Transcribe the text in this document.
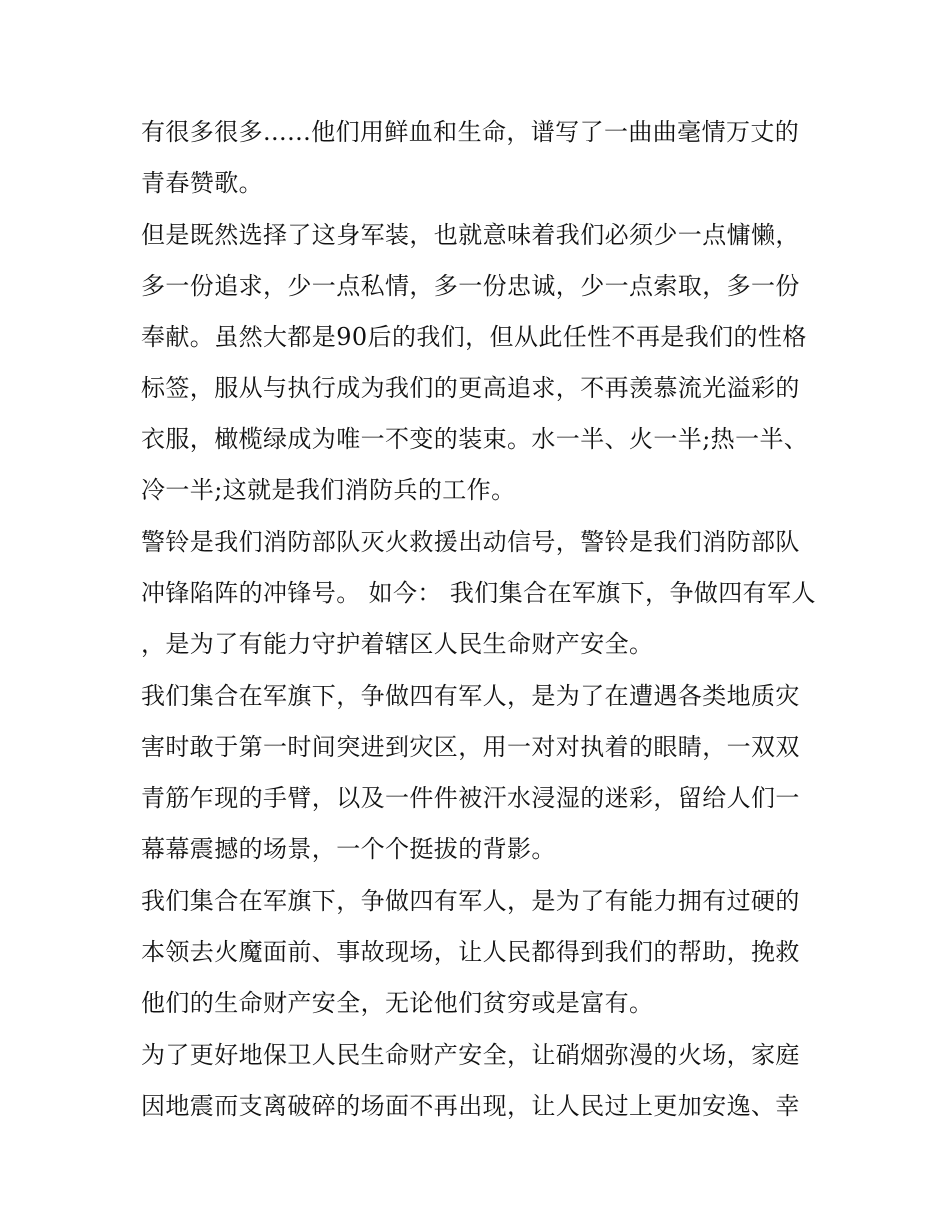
有很多很多......他们用鲜血和生命，谱写了一曲曲毫情万丈的青春赞歌。

但是既然选择了这身军装，也就意味着我们必须少一点慵懒，多一份追求，少一点私情，多一份忠诚，少一点索取，多一份奉献。虽然大都是90后的我们，但从此任性不再是我们的性格标签，服从与执行成为我们的更高追求，不再羡慕流光溢彩的衣服，橄榄绿成为唯一不变的装束。水一半、火一半;热一半、冷一半;这就是我们消防兵的工作。

警铃是我们消防部队灭火救援出动信号，警铃是我们消防部队冲锋陷阵的冲锋号。 如今： 我们集合在军旗下，争做四有军人，是为了有能力守护着辖区人民生命财产安全。

我们集合在军旗下，争做四有军人，是为了在遭遇各类地质灾害时敢于第一时间突进到灾区，用一对对执着的眼睛，一双双青筋乍现的手臂，以及一件件被汗水浸湿的迷彩，留给人们一幕幕震撼的场景，一个个挺拔的背影。

我们集合在军旗下，争做四有军人，是为了有能力拥有过硬的本领去火魔面前、事故现场，让人民都得到我们的帮助，挽救他们的生命财产安全，无论他们贫穷或是富有。

为了更好地保卫人民生命财产安全，让硝烟弥漫的火场，家庭因地震而支离破碎的场面不再出现，让人民过上更加安逸、幸
